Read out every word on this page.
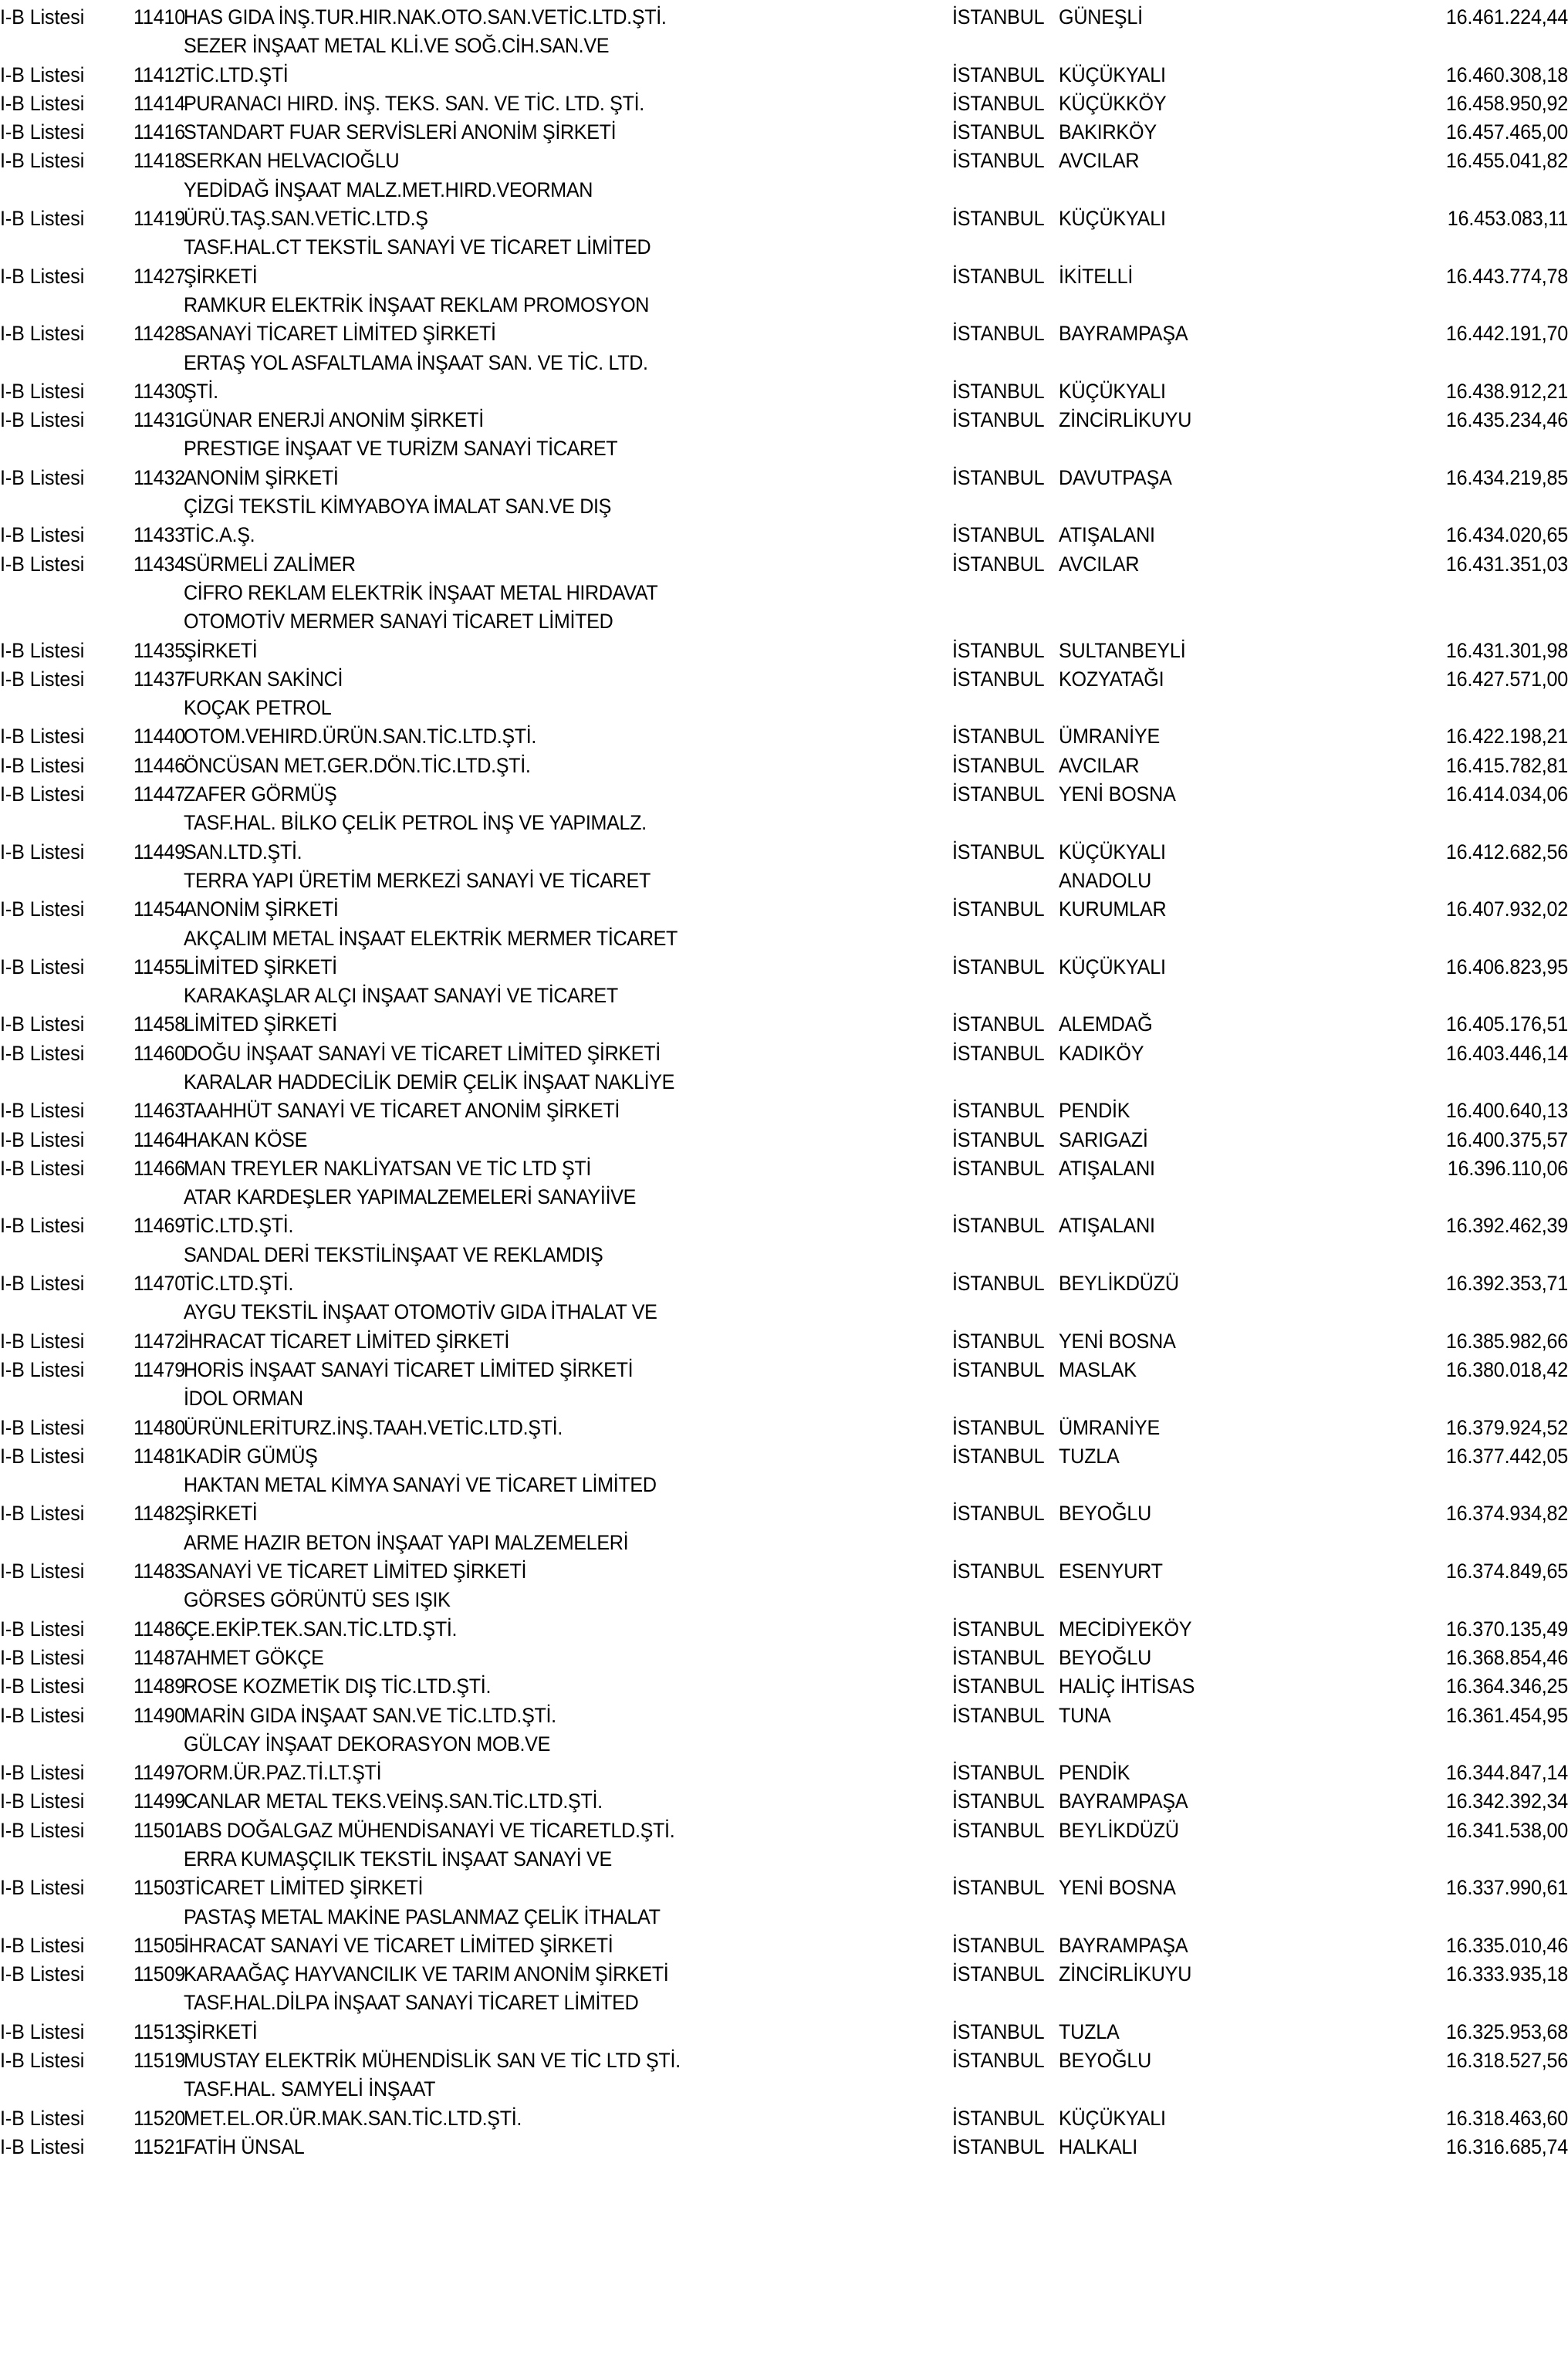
I-B Listesi	11410	HAS GIDA İNŞ.TUR.HIR.NAK.OTO.SAN.VETİC.LTD.ŞTİ.	İSTANBUL	GÜNEŞLİ	16.461.224,44
		SEZER İNŞAAT METAL KLİ.VE SOĞ.CİH.SAN.VE			
I-B Listesi	11412	TİC.LTD.ŞTİ	İSTANBUL	KÜÇÜKYALI	16.460.308,18
I-B Listesi	11414	PURANACI HIRD. İNŞ. TEKS. SAN. VE TİC. LTD. ŞTİ.	İSTANBUL	KÜÇÜKKÖY	16.458.950,92
I-B Listesi	11416	STANDART FUAR SERVİSLERİ ANONİM ŞİRKETİ	İSTANBUL	BAKIRKÖY	16.457.465,00
I-B Listesi	11418	SERKAN HELVACIOĞLU	İSTANBUL	AVCILAR	16.455.041,82
		YEDİDAĞ İNŞAAT MALZ.MET.HIRD.VEORMAN			
I-B Listesi	11419	ÜRÜ.TAŞ.SAN.VETİC.LTD.Ş	İSTANBUL	KÜÇÜKYALI	16.453.083,11
		TASF.HAL.CT TEKSTİL SANAYİ VE TİCARET LİMİTED			
I-B Listesi	11427	ŞİRKETİ	İSTANBUL	İKİTELLİ	16.443.774,78
		RAMKUR ELEKTRİK İNŞAAT REKLAM PROMOSYON			
I-B Listesi	11428	SANAYİ TİCARET LİMİTED ŞİRKETİ	İSTANBUL	BAYRAMPAŞA	16.442.191,70
		ERTAŞ YOL ASFALTLAMA İNŞAAT SAN. VE TİC. LTD.			
I-B Listesi	11430	ŞTİ.	İSTANBUL	KÜÇÜKYALI	16.438.912,21
I-B Listesi	11431	GÜNAR ENERJİ ANONİM ŞİRKETİ	İSTANBUL	ZİNCİRLİKUYU	16.435.234,46
		PRESTIGE İNŞAAT VE TURİZM SANAYİ TİCARET			
I-B Listesi	11432	ANONİM ŞİRKETİ	İSTANBUL	DAVUTPAŞA	16.434.219,85
		ÇİZGİ TEKSTİL KİMYABOYA İMALAT SAN.VE DIŞ			
I-B Listesi	11433	TİC.A.Ş.	İSTANBUL	ATIŞALANI	16.434.020,65
I-B Listesi	11434	SÜRMELİ ZALİMER	İSTANBUL	AVCILAR	16.431.351,03
		CİFRO REKLAM ELEKTRİK İNŞAAT METAL HIRDAVAT			
		OTOMOTİV MERMER SANAYİ TİCARET LİMİTED			
I-B Listesi	11435	ŞİRKETİ	İSTANBUL	SULTANBEYLİ	16.431.301,98
I-B Listesi	11437	FURKAN SAKİNCİ	İSTANBUL	KOZYATAĞI	16.427.571,00
		KOÇAK PETROL			
I-B Listesi	11440	OTOM.VEHIRD.ÜRÜN.SAN.TİC.LTD.ŞTİ.	İSTANBUL	ÜMRANİYE	16.422.198,21
I-B Listesi	11446	ÖNCÜSAN MET.GER.DÖN.TİC.LTD.ŞTİ.	İSTANBUL	AVCILAR	16.415.782,81
I-B Listesi	11447	ZAFER GÖRMÜŞ	İSTANBUL	YENİ BOSNA	16.414.034,06
		TASF.HAL. BİLKO ÇELİK PETROL İNŞ VE YAPIMALZ.			
I-B Listesi	11449	SAN.LTD.ŞTİ.	İSTANBUL	KÜÇÜKYALI	16.412.682,56
		TERRA YAPI ÜRETİM MERKEZİ SANAYİ VE TİCARET		ANADOLU	
I-B Listesi	11454	ANONİM ŞİRKETİ	İSTANBUL	KURUMLAR	16.407.932,02
		AKÇALIM METAL İNŞAAT ELEKTRİK MERMER TİCARET			
I-B Listesi	11455	LİMİTED ŞİRKETİ	İSTANBUL	KÜÇÜKYALI	16.406.823,95
		KARAKAŞLAR ALÇI İNŞAAT SANAYİ VE TİCARET			
I-B Listesi	11458	LİMİTED ŞİRKETİ	İSTANBUL	ALEMDAĞ	16.405.176,51
I-B Listesi	11460	DOĞU İNŞAAT SANAYİ VE TİCARET LİMİTED ŞİRKETİ	İSTANBUL	KADIKÖY	16.403.446,14
		KARALAR HADDECİLİK DEMİR ÇELİK İNŞAAT NAKLİYE			
I-B Listesi	11463	TAAHHÜT SANAYİ VE TİCARET ANONİM ŞİRKETİ	İSTANBUL	PENDİK	16.400.640,13
I-B Listesi	11464	HAKAN KÖSE	İSTANBUL	SARIGAZİ	16.400.375,57
I-B Listesi	11466	MAN TREYLER NAKLİYATSAN VE TİC LTD ŞTİ	İSTANBUL	ATIŞALANI	16.396.110,06
		ATAR KARDEŞLER YAPIMALZEMELERİ SANAYİİVE			
I-B Listesi	11469	TİC.LTD.ŞTİ.	İSTANBUL	ATIŞALANI	16.392.462,39
		SANDAL DERİ TEKSTİLİNŞAAT VE REKLAMDIŞ			
I-B Listesi	11470	TİC.LTD.ŞTİ.	İSTANBUL	BEYLİKDÜZÜ	16.392.353,71
		AYGU TEKSTİL İNŞAAT OTOMOTİV GIDA İTHALAT VE			
I-B Listesi	11472	İHRACAT TİCARET LİMİTED ŞİRKETİ	İSTANBUL	YENİ BOSNA	16.385.982,66
I-B Listesi	11479	HORİS İNŞAAT SANAYİ TİCARET LİMİTED ŞİRKETİ	İSTANBUL	MASLAK	16.380.018,42
		İDOL ORMAN			
I-B Listesi	11480	ÜRÜNLERİTURZ.İNŞ.TAAH.VETİC.LTD.ŞTİ.	İSTANBUL	ÜMRANİYE	16.379.924,52
I-B Listesi	11481	KADİR GÜMÜŞ	İSTANBUL	TUZLA	16.377.442,05
		HAKTAN METAL KİMYA SANAYİ VE TİCARET LİMİTED			
I-B Listesi	11482	ŞİRKETİ	İSTANBUL	BEYOĞLU	16.374.934,82
		ARME HAZIR BETON İNŞAAT YAPI MALZEMELERİ			
I-B Listesi	11483	SANAYİ VE TİCARET LİMİTED ŞİRKETİ	İSTANBUL	ESENYURT	16.374.849,65
		GÖRSES GÖRÜNTÜ SES IŞIK			
I-B Listesi	11486	ÇE.EKİP.TEK.SAN.TİC.LTD.ŞTİ.	İSTANBUL	MECİDİYEKÖY	16.370.135,49
I-B Listesi	11487	AHMET GÖKÇE	İSTANBUL	BEYOĞLU	16.368.854,46
I-B Listesi	11489	ROSE KOZMETİK DIŞ TİC.LTD.ŞTİ.	İSTANBUL	HALİÇ İHTİSAS	16.364.346,25
I-B Listesi	11490	MARİN GIDA İNŞAAT SAN.VE TİC.LTD.ŞTİ.	İSTANBUL	TUNA	16.361.454,95
		GÜLCAY İNŞAAT DEKORASYON MOB.VE			
I-B Listesi	11497	ORM.ÜR.PAZ.Tİ.LT.ŞTİ	İSTANBUL	PENDİK	16.344.847,14
I-B Listesi	11499	CANLAR METAL TEKS.VEİNŞ.SAN.TİC.LTD.ŞTİ.	İSTANBUL	BAYRAMPAŞA	16.342.392,34
I-B Listesi	11501	ABS DOĞALGAZ MÜHENDİSANAYİ VE TİCARETLD.ŞTİ.	İSTANBUL	BEYLİKDÜZÜ	16.341.538,00
		ERRA KUMAŞÇILIK TEKSTİL İNŞAAT SANAYİ VE			
I-B Listesi	11503	TİCARET LİMİTED ŞİRKETİ	İSTANBUL	YENİ BOSNA	16.337.990,61
		PASTAŞ METAL MAKİNE PASLANMAZ ÇELİK İTHALAT			
I-B Listesi	11505	İHRACAT SANAYİ VE TİCARET LİMİTED ŞİRKETİ	İSTANBUL	BAYRAMPAŞA	16.335.010,46
I-B Listesi	11509	KARAAĞAÇ HAYVANCILIK VE TARIM ANONİM ŞİRKETİ	İSTANBUL	ZİNCİRLİKUYU	16.333.935,18
		TASF.HAL.DİLPA İNŞAAT SANAYİ TİCARET LİMİTED			
I-B Listesi	11513	ŞİRKETİ	İSTANBUL	TUZLA	16.325.953,68
I-B Listesi	11519	MUSTAY ELEKTRİK MÜHENDİSLİK SAN VE TİC LTD ŞTİ.	İSTANBUL	BEYOĞLU	16.318.527,56
		TASF.HAL. SAMYELİ İNŞAAT			
I-B Listesi	11520	MET.EL.OR.ÜR.MAK.SAN.TİC.LTD.ŞTİ.	İSTANBUL	KÜÇÜKYALI	16.318.463,60
I-B Listesi	11521	FATİH ÜNSAL	İSTANBUL	HALKALI	16.316.685,74
